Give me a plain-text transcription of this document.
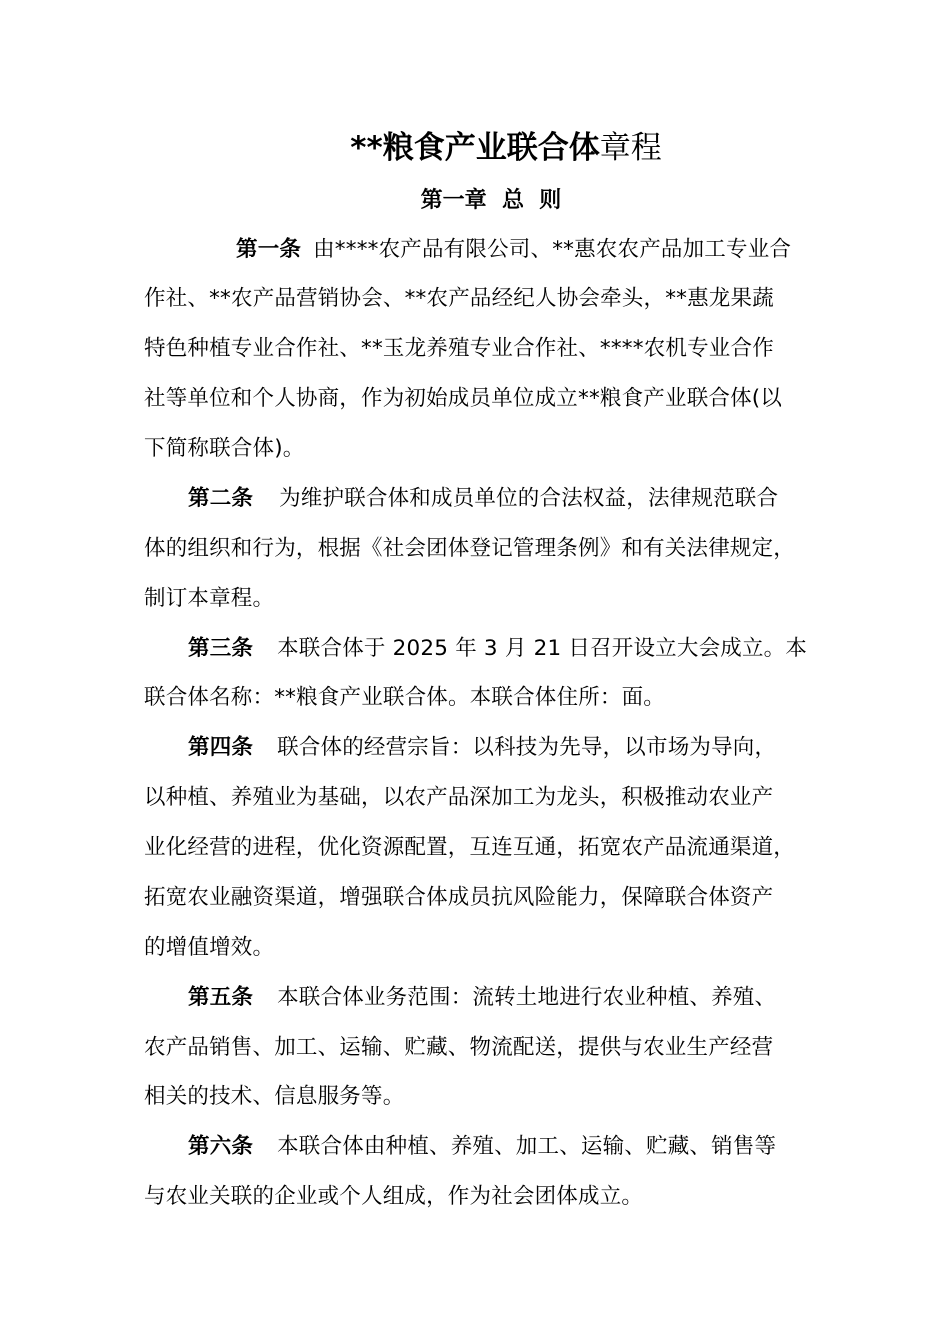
**粮食产业联合体章程
第一章  总  则
第一条 由****农产品有限公司、**惠农农产品加工专业合
作社、**农产品营销协会、**农产品经纪人协会牵头，**惠龙果蔬
特色种植专业合作社、**玉龙养殖专业合作社、****农机专业合作
社等单位和个人协商，作为初始成员单位成立**粮食产业联合体(以
下简称联合体)。
第二条 为维护联合体和成员单位的合法权益，法律规范联合
体的组织和行为，根据《社会团体登记管理条例》和有关法律规定，
制订本章程。
第三条 本联合体于 2025 年 3 月 21 日召开设立大会成立。本
联合体名称：**粮食产业联合体。本联合体住所：面。
第四条 联合体的经营宗旨：以科技为先导，以市场为导向，
以种植、养殖业为基础，以农产品深加工为龙头，积极推动农业产
业化经营的进程，优化资源配置，互连互通，拓宽农产品流通渠道，
拓宽农业融资渠道，增强联合体成员抗风险能力，保障联合体资产
的增值增效。
第五条 本联合体业务范围：流转土地进行农业种植、养殖、
农产品销售、加工、运输、贮藏、物流配送，提供与农业生产经营
相关的技术、信息服务等。
第六条 本联合体由种植、养殖、加工、运输、贮藏、销售等
与农业关联的企业或个人组成，作为社会团体成立。
